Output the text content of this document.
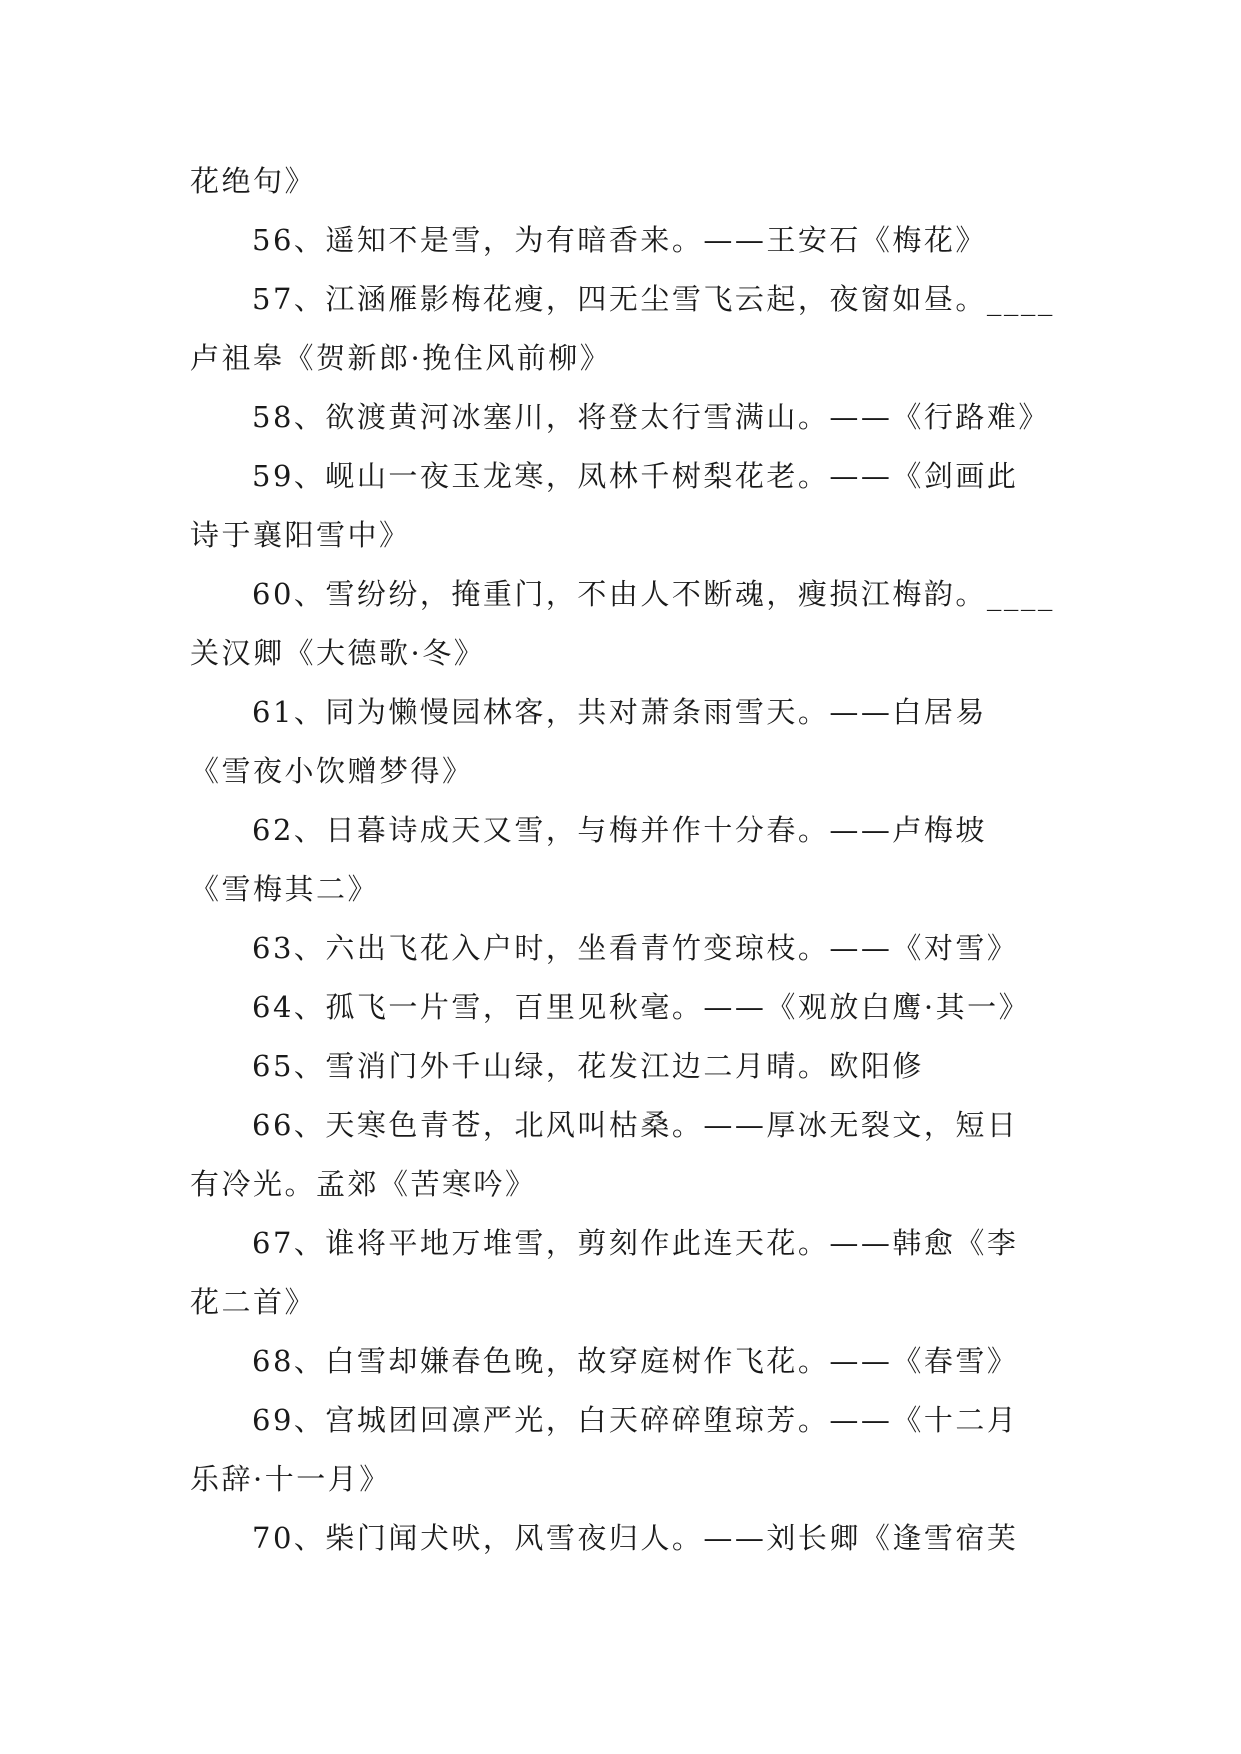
花绝句》
56、遥知不是雪，为有暗香来。——王安石《梅花》
57、江涵雁影梅花瘦，四无尘雪飞云起，夜窗如昼。____
卢祖皋《贺新郎·挽住风前柳》
58、欲渡黄河冰塞川，将登太行雪满山。——《行路难》
59、岘山一夜玉龙寒，凤林千树梨花老。——《剑画此
诗于襄阳雪中》
60、雪纷纷，掩重门，不由人不断魂，瘦损江梅韵。____
关汉卿《大德歌·冬》
61、同为懒慢园林客，共对萧条雨雪天。——白居易
《雪夜小饮赠梦得》
62、日暮诗成天又雪，与梅并作十分春。——卢梅坡
《雪梅其二》
63、六出飞花入户时，坐看青竹变琼枝。——《对雪》
64、孤飞一片雪，百里见秋毫。——《观放白鹰·其一》
65、雪消门外千山绿，花发江边二月晴。欧阳修
66、天寒色青苍，北风叫枯桑。——厚冰无裂文，短日
有冷光。孟郊《苦寒吟》
67、谁将平地万堆雪，剪刻作此连天花。——韩愈《李
花二首》
68、白雪却嫌春色晚，故穿庭树作飞花。——《春雪》
69、宫城团回凛严光，白天碎碎堕琼芳。——《十二月
乐辞·十一月》
70、柴门闻犬吠，风雪夜归人。——刘长卿《逢雪宿芙
